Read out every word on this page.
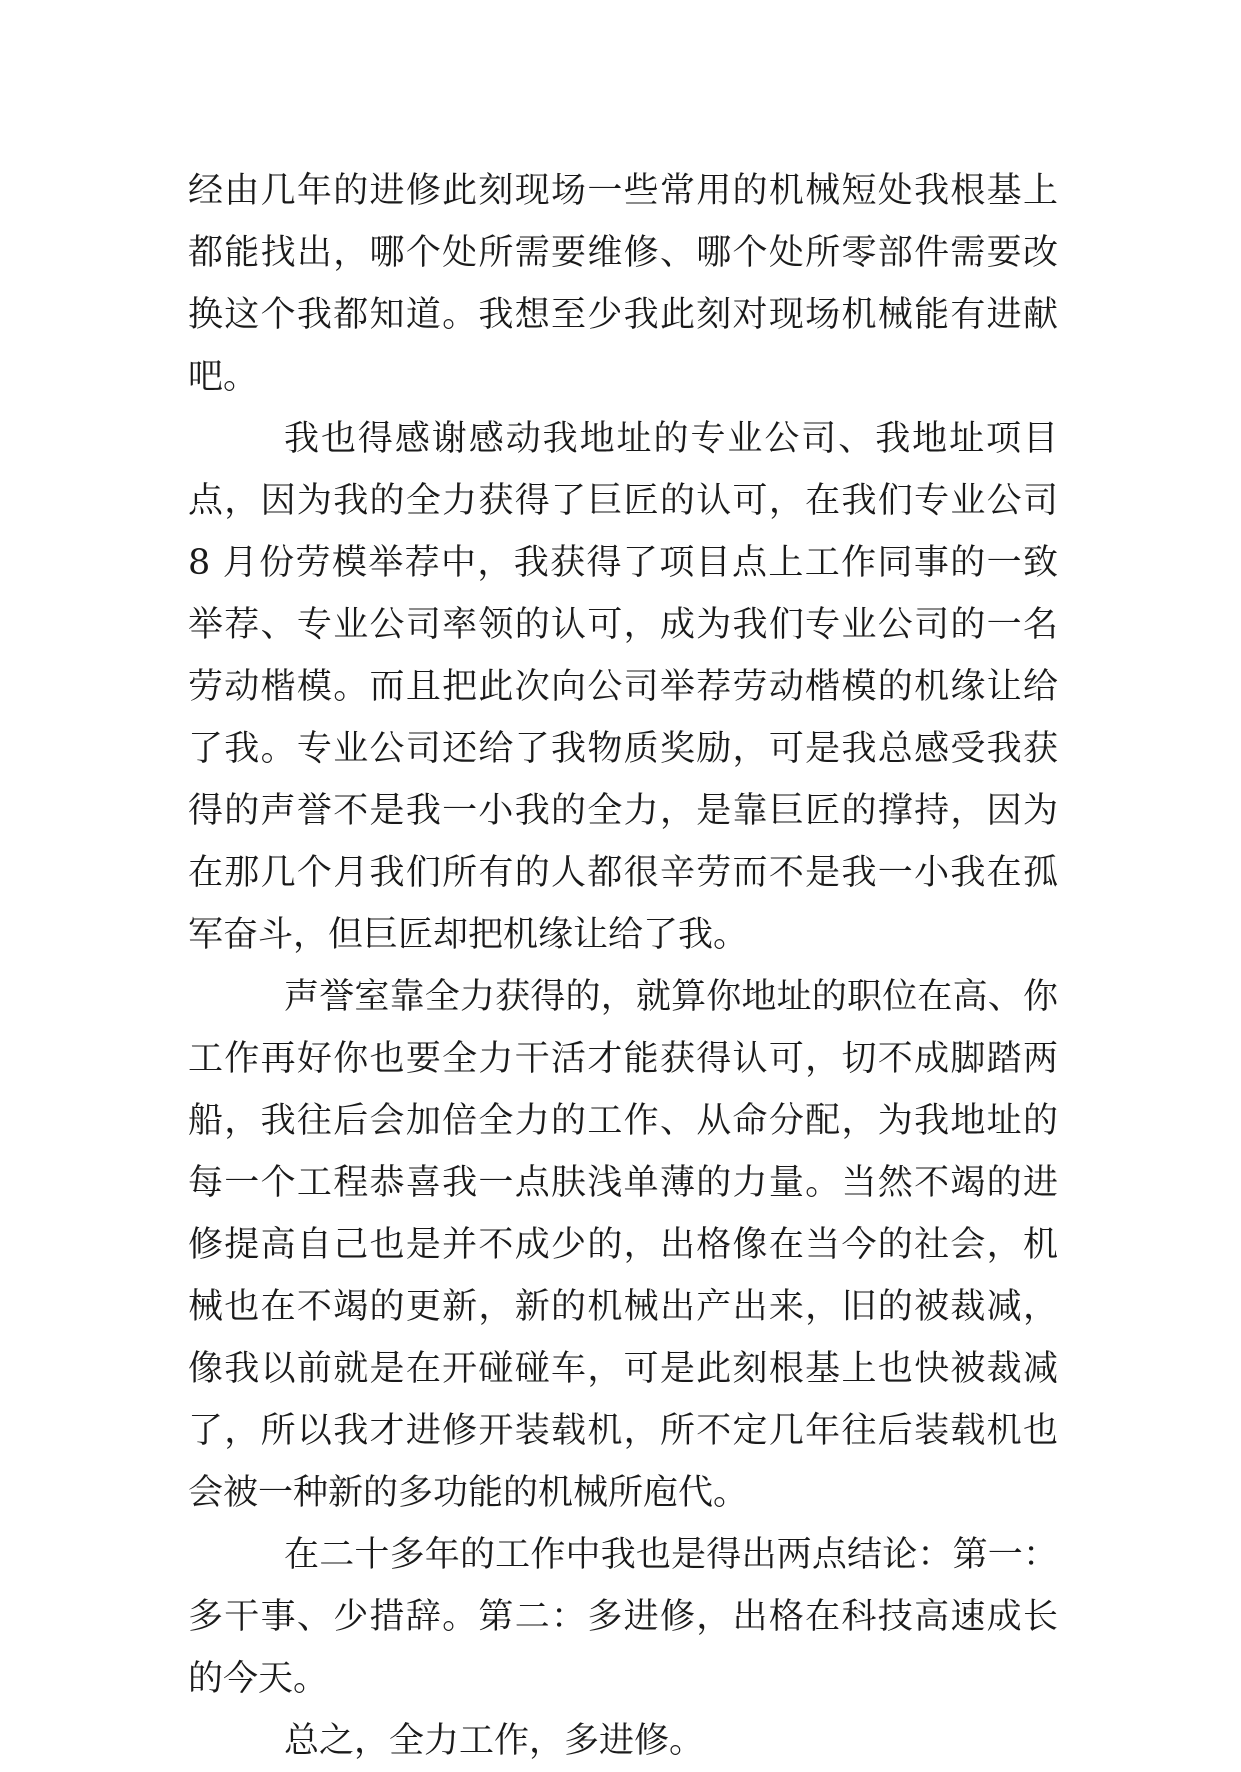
经由几年的进修此刻现场一些常用的机械短处我根基上都能找出，哪个处所需要维修、哪个处所零部件需要改换这个我都知道。我想至少我此刻对现场机械能有进献吧。

我也得感谢感动我地址的专业公司、我地址项目点，因为我的全力获得了巨匠的认可，在我们专业公司 8 月份劳模举荐中，我获得了项目点上工作同事的一致举荐、专业公司率领的认可，成为我们专业公司的一名劳动楷模。而且把此次向公司举荐劳动楷模的机缘让给了我。专业公司还给了我物质奖励，可是我总感受我获得的声誉不是我一小我的全力，是靠巨匠的撑持，因为在那几个月我们所有的人都很辛劳而不是我一小我在孤军奋斗，但巨匠却把机缘让给了我。

声誉室靠全力获得的，就算你地址的职位在高、你工作再好你也要全力干活才能获得认可，切不成脚踏两船，我往后会加倍全力的工作、从命分配，为我地址的每一个工程恭喜我一点肤浅单薄的力量。当然不竭的进修提高自己也是并不成少的，出格像在当今的社会，机械也在不竭的更新，新的机械出产出来，旧的被裁减，像我以前就是在开碰碰车，可是此刻根基上也快被裁减了，所以我才进修开装载机，所不定几年往后装载机也会被一种新的多功能的机械所庖代。

在二十多年的工作中我也是得出两点结论：第一：多干事、少措辞。第二：多进修，出格在科技高速成长的今天。

总之，全力工作，多进修。
